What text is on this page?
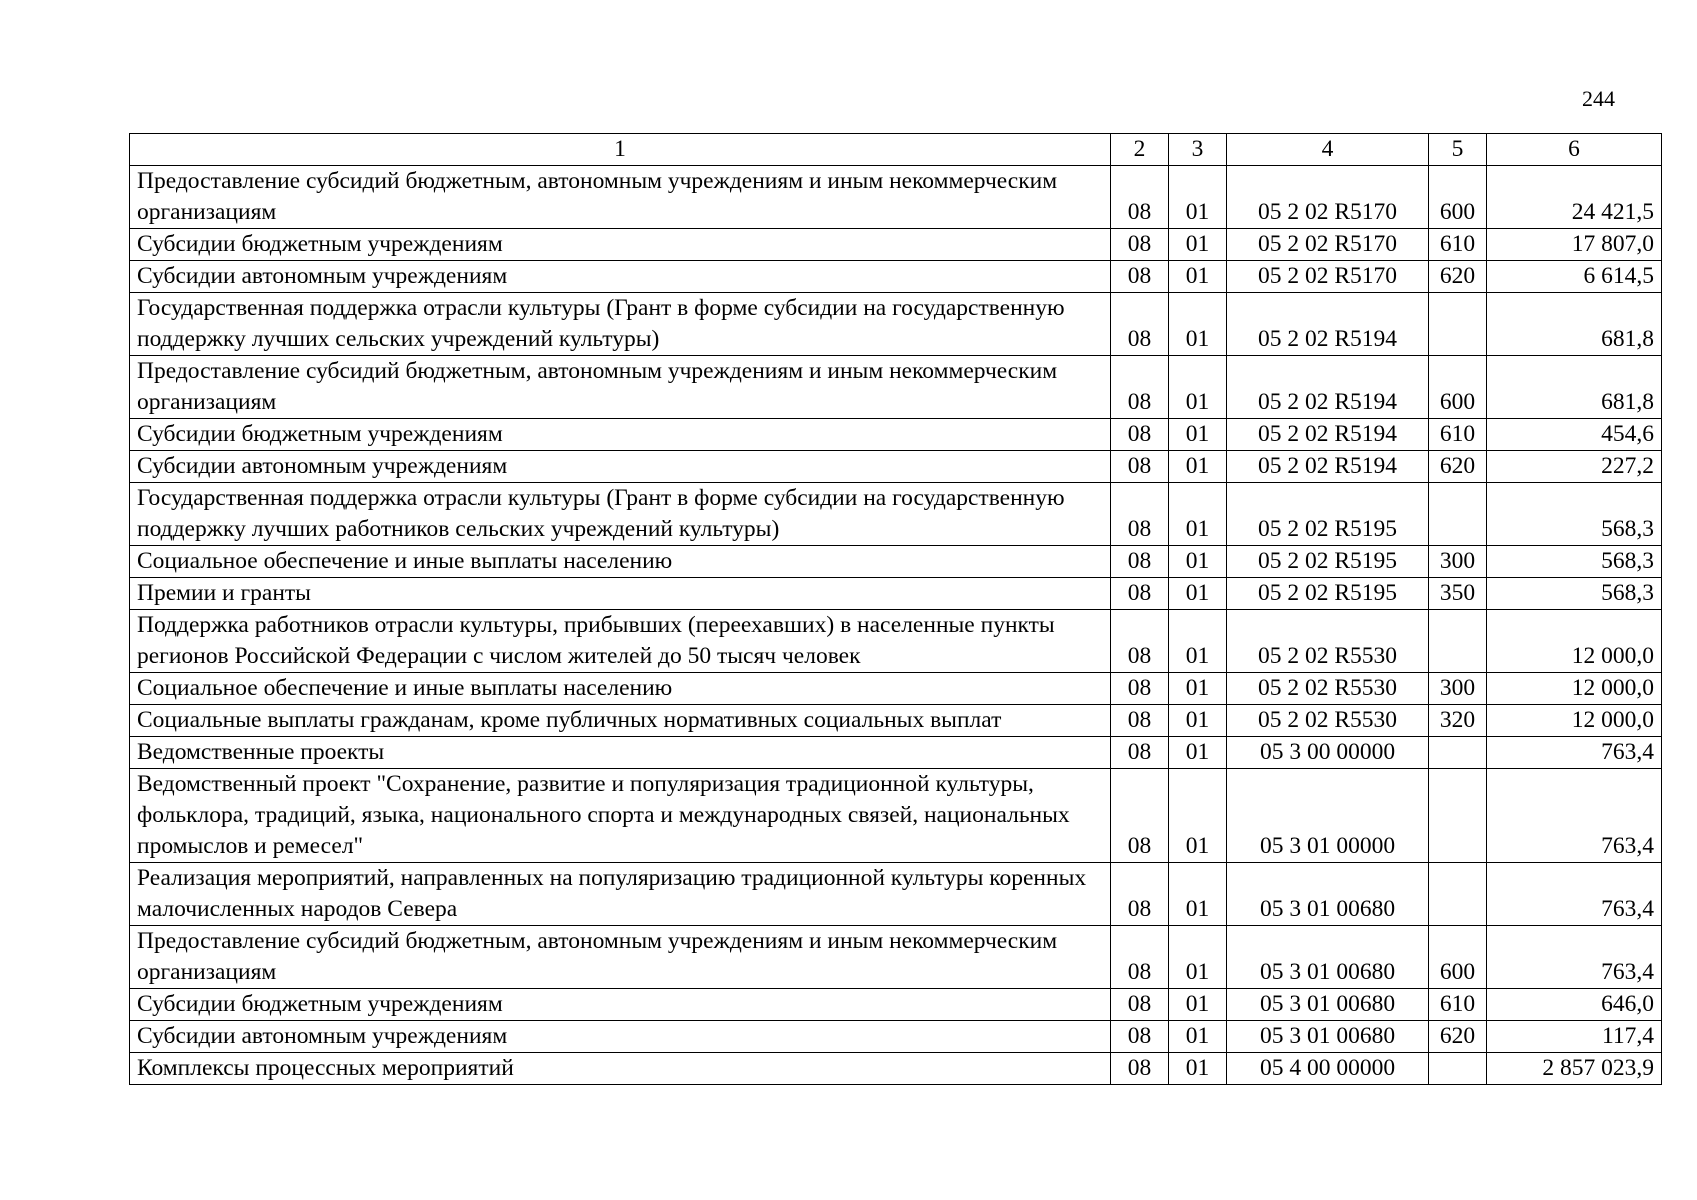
244
1	2	3	4	5	6
Предоставление субсидий бюджетным, автономным учреждениям и иным некоммерческим организациям	08	01	05 2 02 R5170	600	24 421,5
Субсидии бюджетным учреждениям	08	01	05 2 02 R5170	610	17 807,0
Субсидии автономным учреждениям	08	01	05 2 02 R5170	620	6 614,5
Государственная поддержка отрасли культуры (Грант в форме субсидии на государственную поддержку лучших сельских учреждений культуры)	08	01	05 2 02 R5194		681,8
Предоставление субсидий бюджетным, автономным учреждениям и иным некоммерческим организациям	08	01	05 2 02 R5194	600	681,8
Субсидии бюджетным учреждениям	08	01	05 2 02 R5194	610	454,6
Субсидии автономным учреждениям	08	01	05 2 02 R5194	620	227,2
Государственная поддержка отрасли культуры (Грант в форме субсидии на государственную поддержку лучших работников сельских учреждений культуры)	08	01	05 2 02 R5195		568,3
Социальное обеспечение и иные выплаты населению	08	01	05 2 02 R5195	300	568,3
Премии и гранты	08	01	05 2 02 R5195	350	568,3
Поддержка работников отрасли культуры, прибывших (переехавших) в населенные пункты регионов Российской Федерации с числом жителей до 50 тысяч человек	08	01	05 2 02 R5530		12 000,0
Социальное обеспечение и иные выплаты населению	08	01	05 2 02 R5530	300	12 000,0
Социальные выплаты гражданам, кроме публичных нормативных социальных выплат	08	01	05 2 02 R5530	320	12 000,0
Ведомственные проекты	08	01	05 3 00 00000		763,4
Ведомственный проект "Сохранение, развитие и популяризация традиционной культуры, фольклора, традиций, языка, национального спорта и международных связей, национальных промыслов и ремесел"	08	01	05 3 01 00000		763,4
Реализация мероприятий, направленных на популяризацию традиционной культуры коренных малочисленных народов Севера	08	01	05 3 01 00680		763,4
Предоставление субсидий бюджетным, автономным учреждениям и иным некоммерческим организациям	08	01	05 3 01 00680	600	763,4
Субсидии бюджетным учреждениям	08	01	05 3 01 00680	610	646,0
Субсидии автономным учреждениям	08	01	05 3 01 00680	620	117,4
Комплексы процессных мероприятий	08	01	05 4 00 00000		2 857 023,9
